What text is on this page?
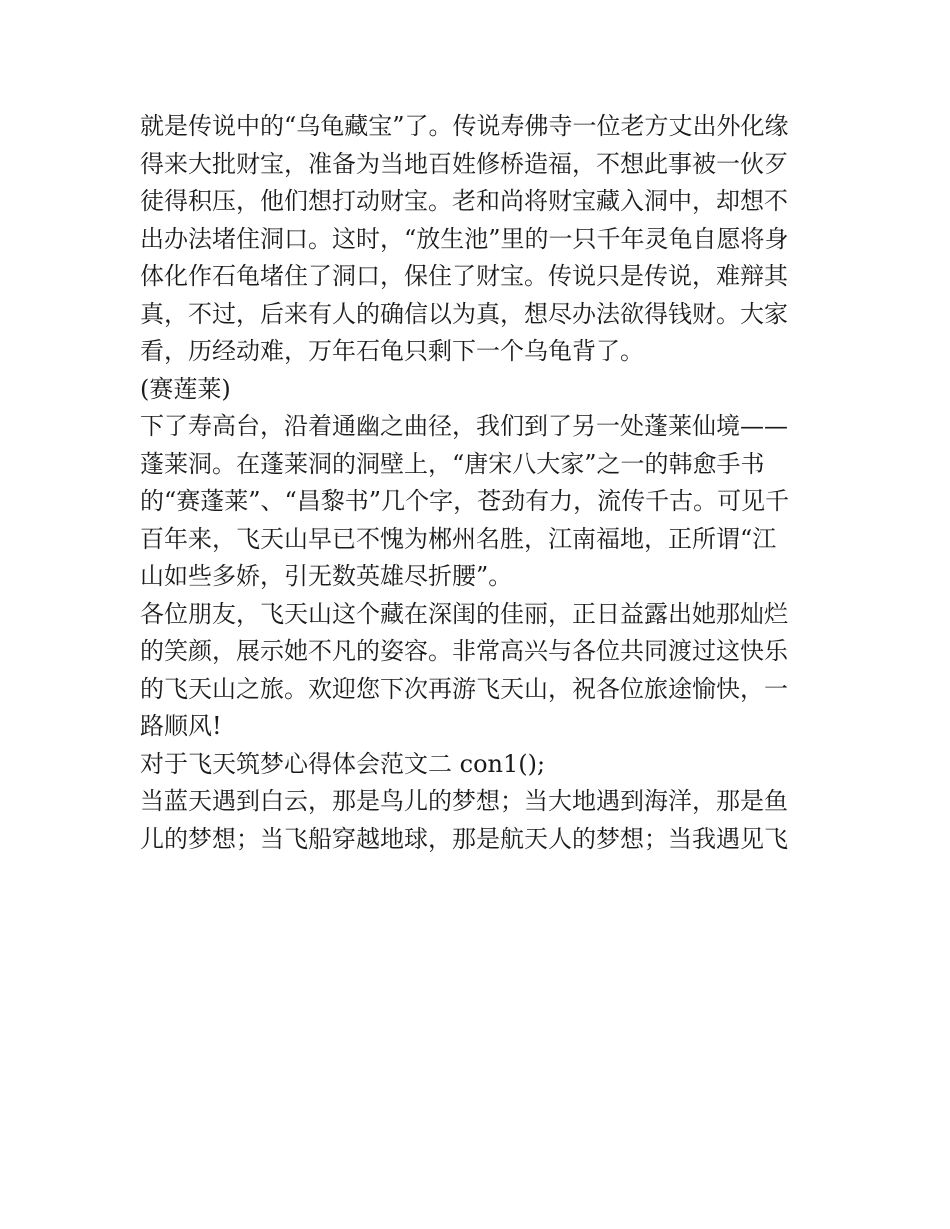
就是传说中的“乌龟藏宝”了。传说寿佛寺一位老方丈出外化缘
得来大批财宝，准备为当地百姓修桥造福，不想此事被一伙歹
徒得积压，他们想打动财宝。老和尚将财宝藏入洞中，却想不
出办法堵住洞口。这时，“放生池”里的一只千年灵龟自愿将身
体化作石龟堵住了洞口，保住了财宝。传说只是传说，难辩其
真，不过，后来有人的确信以为真，想尽办法欲得钱财。大家
看，历经动难，万年石龟只剩下一个乌龟背了。

(赛莲莱)

下了寿高台，沿着通幽之曲径，我们到了另一处蓬莱仙境——
蓬莱洞。在蓬莱洞的洞壁上，“唐宋八大家”之一的韩愈手书
的“赛蓬莱”、“昌黎书”几个字，苍劲有力，流传千古。可见千
百年来，飞天山早已不愧为郴州名胜，江南福地，正所谓“江
山如些多娇，引无数英雄尽折腰”。

各位朋友，飞天山这个藏在深闺的佳丽，正日益露出她那灿烂
的笑颜，展示她不凡的姿容。非常高兴与各位共同渡过这快乐
的飞天山之旅。欢迎您下次再游飞天山，祝各位旅途愉快，一
路顺风!

对于飞天筑梦心得体会范文二 con1();

当蓝天遇到白云，那是鸟儿的梦想；当大地遇到海洋，那是鱼
儿的梦想；当飞船穿越地球，那是航天人的梦想；当我遇见飞
